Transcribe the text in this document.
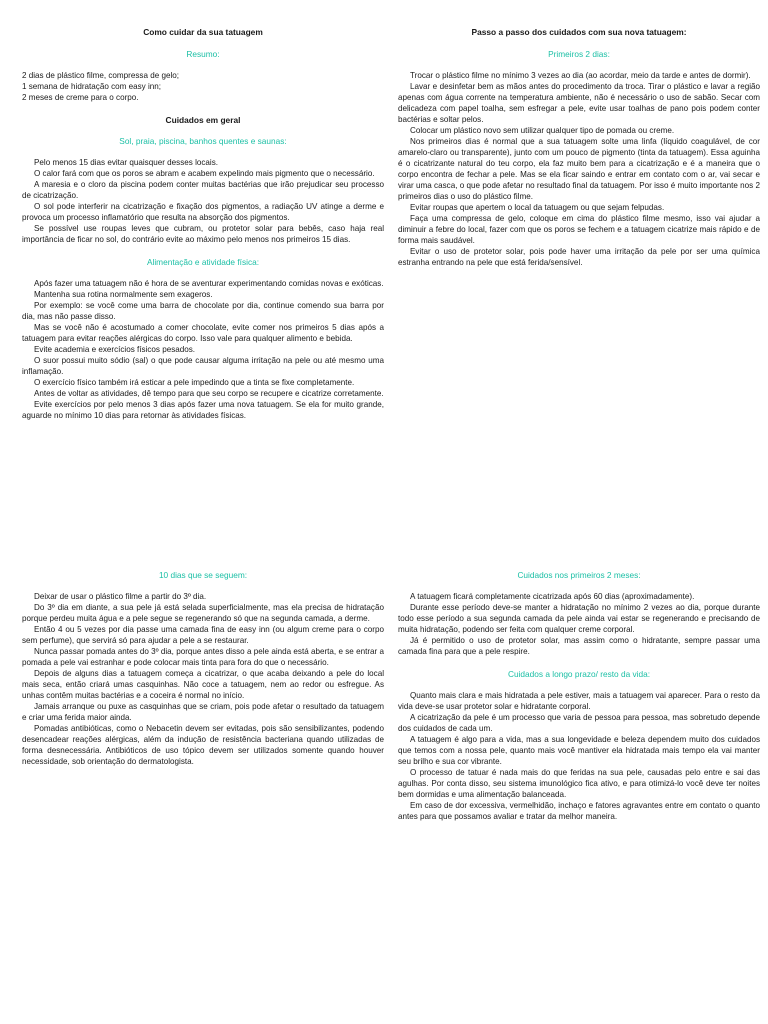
Como cuidar da sua tatuagem
Resumo:

2 dias de plástico filme, compressa de gelo;

1 semana de hidratação com easy inn;

2 meses de creme para o corpo.

Cuidados em geral
Sol, praia, piscina, banhos quentes e saunas:

Pelo menos 15 dias evitar quaisquer desses locais.

O calor fará com que os poros se abram e acabem expelindo mais pigmento que o necessário.

A maresia e o cloro da piscina podem conter muitas bactérias que irão prejudicar seu processo de cicatrização.

O sol pode interferir na cicatrização e fixação dos pigmentos, a radiação UV atinge a derme e provoca um processo inflamatório que resulta na absorção dos pigmentos.

Se possível use roupas leves que cubram, ou protetor solar para bebês, caso haja real importância de ficar no sol, do contrário evite ao máximo pelo menos nos primeiros 15 dias.

Alimentação e atividade física:

Após fazer uma tatuagem não é hora de se aventurar experimentando comidas novas e exóticas.

Mantenha sua rotina normalmente sem exageros.

Por exemplo: se você come uma barra de chocolate por dia, continue comendo sua barra por dia, mas não passe disso.

Mas se você não é acostumado a comer chocolate, evite comer nos primeiros 5 dias após a tatuagem para evitar reações alérgicas do corpo. Isso vale para qualquer alimento e bebida.

Evite academia e exercícios físicos pesados.

O suor possui muito sódio (sal) o que pode causar alguma irritação na pele ou até mesmo uma inflamação.

O exercício físico também irá esticar a pele impedindo que a tinta se fixe completamente.

Antes de voltar as atividades, dê tempo para que seu corpo se recupere e cicatrize corretamente.

Evite exercícios por pelo menos 3 dias após fazer uma nova tatuagem. Se ela for muito grande, aguarde no mínimo 10 dias para retornar às atividades físicas.

Passo a passo dos cuidados com sua nova tatuagem:
Primeiros 2 dias:

Trocar o plástico filme no mínimo 3 vezes ao dia (ao acordar, meio da tarde e antes de dormir).

Lavar e desinfetar bem as mãos antes do procedimento da troca. Tirar o plástico e lavar a região apenas com água corrente na temperatura ambiente, não é necessário o uso de sabão. Secar com delicadeza com papel toalha, sem esfregar a pele, evite usar toalhas de pano pois podem conter bactérias e soltar pelos.

Colocar um plástico novo sem utilizar qualquer tipo de pomada ou creme.

Nos primeiros dias é normal que a sua tatuagem solte uma linfa (líquido coagulável, de cor amarelo-claro ou transparente), junto com um pouco de pigmento (tinta da tatuagem). Essa aguinha é o cicatrizante natural do teu corpo, ela faz muito bem para a cicatrização e é a maneira que o corpo encontra de fechar a pele. Mas se ela ficar saindo e entrar em contato com o ar, vai secar e virar uma casca, o que pode afetar no resultado final da tatuagem. Por isso é muito importante nos 2 primeiros dias o uso do plástico filme.

Evitar roupas que apertem o local da tatuagem ou que sejam felpudas.

Faça uma compressa de gelo, coloque em cima do plástico filme mesmo, isso vai ajudar a diminuir a febre do local, fazer com que os poros se fechem e a tatuagem cicatrize mais rápido e de forma mais saudável.

Evitar o uso de protetor solar, pois pode haver uma irritação da pele por ser uma química estranha entrando na pele que está ferida/sensível.

10 dias que se seguem:

Deixar de usar o plástico filme a partir do 3º dia.

Do 3º dia em diante, a sua pele já está selada superficialmente, mas ela precisa de hidratação porque perdeu muita água e a pele segue se regenerando só que na segunda camada, a derme.

Então 4 ou 5 vezes por dia passe uma camada fina de easy inn (ou algum creme para o corpo sem perfume), que servirá só para ajudar a pele a se restaurar.

Nunca passar pomada antes do 3º dia, porque antes disso a pele ainda está aberta, e se entrar a pomada a pele vai estranhar e pode colocar mais tinta para fora do que o necessário.

Depois de alguns dias a tatuagem começa a cicatrizar, o que acaba deixando a pele do local mais seca, então criará umas casquinhas. Não coce a tatuagem, nem ao redor ou esfregue. As unhas contêm muitas bactérias e a coceira é normal no início.

Jamais arranque ou puxe as casquinhas que se criam, pois pode afetar o resultado da tatuagem e criar uma ferida maior ainda.

Pomadas antibióticas, como o Nebacetin devem ser evitadas, pois são sensibilizantes, podendo desencadear reações alérgicas, além da indução de resistência bacteriana quando utilizadas de forma desnecessária. Antibióticos de uso tópico devem ser utilizados somente quando houver necessidade, sob orientação do dermatologista.

Cuidados nos primeiros 2 meses:

A tatuagem ficará completamente cicatrizada após 60 dias (aproximadamente).

Durante esse período deve-se manter a hidratação no mínimo 2 vezes ao dia, porque durante todo esse período a sua segunda camada da pele ainda vai estar se regenerando e precisando de muita hidratação, podendo ser feita com qualquer creme corporal.

Já é permitido o uso de protetor solar, mas assim como o hidratante, sempre passar uma camada fina para que a pele respire.

Cuidados a longo prazo/ resto da vida:

Quanto mais clara e mais hidratada a pele estiver, mais a tatuagem vai aparecer. Para o resto da vida deve-se usar protetor solar e hidratante corporal.

A cicatrização da pele é um processo que varia de pessoa para pessoa, mas sobretudo depende dos cuidados de cada um.

A tatuagem é algo para a vida, mas a sua longevidade e beleza dependem muito dos cuidados que temos com a nossa pele, quanto mais você mantiver ela hidratada mais tempo ela vai manter seu brilho e sua cor vibrante.

O processo de tatuar é nada mais do que feridas na sua pele, causadas pelo entre e sai das agulhas. Por conta disso, seu sistema imunológico fica ativo, e para otimizá-lo você deve ter noites bem dormidas e uma alimentação balanceada.

Em caso de dor excessiva, vermelhidão, inchaço e fatores agravantes entre em contato o quanto antes para que possamos avaliar e tratar da melhor maneira.
